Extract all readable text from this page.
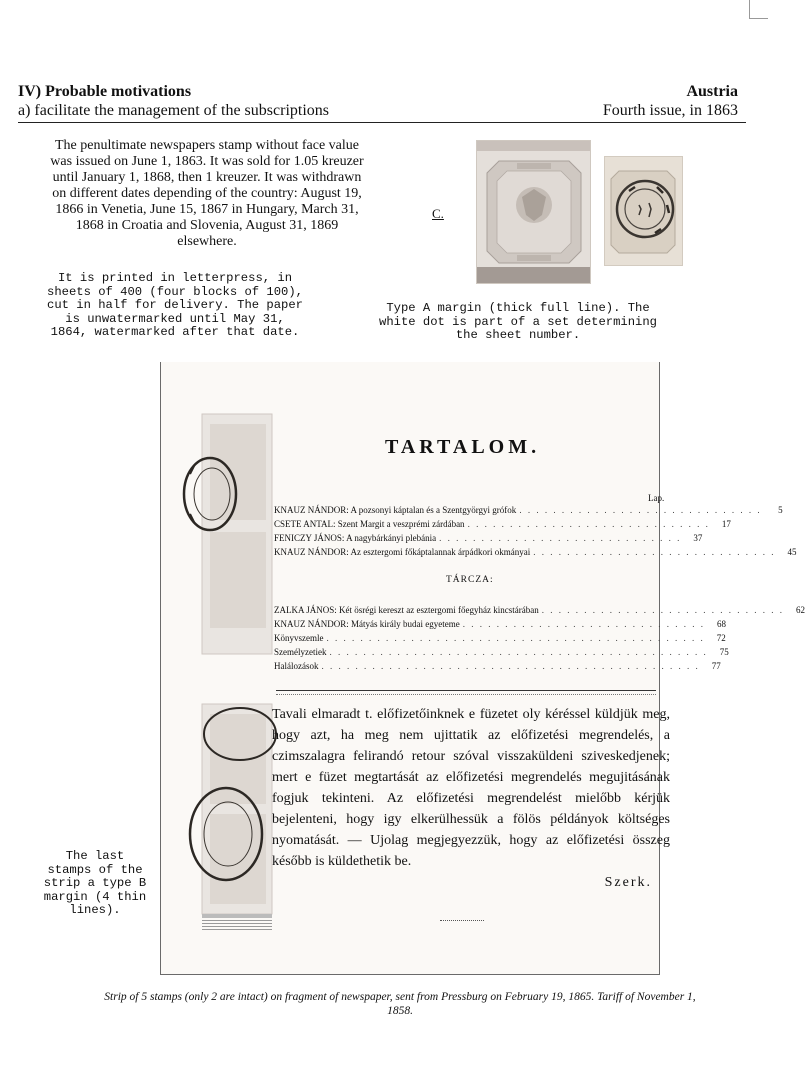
IV) Probable motivations
a) facilitate the management of the subscriptions
Austria
Fourth issue, in 1863
The penultimate newspapers stamp without face value was issued on June 1, 1863. It was sold for 1.05 kreuzer until January 1, 1868, then 1 kreuzer. It was withdrawn on different dates depending of the country: August 19, 1866 in Venetia, June 15, 1867 in Hungary, March 31, 1868 in Croatia and Slovenia, August 31, 1869 elsewhere.
It is printed in letterpress, in sheets of 400 (four blocks of 100), cut in half for delivery. The paper is unwatermarked until May 31, 1864, watermarked after that date.
C.
Type A margin (thick full line). The white dot is part of a set determining the sheet number.
TARTALOM.
Lap.
KNAUZ NÁNDOR: A pozsonyi káptalan és a Szentgyörgyi grófok . . . . . . . . . . . . . . . . . . . . . . . . . . . . .	5
CSETE ANTAL: Szent Margit a veszprémi zárdában . . . . . . . . . . . . . . . . . . . . . . . . . . . . .	17
FENICZY JÁNOS: A nagybárkányi plebánia . . . . . . . . . . . . . . . . . . . . . . . . . . . . .	37
KNAUZ NÁNDOR: Az esztergomi főkáptalannak árpádkori okmányai . . . . . . . . . . . . . . . . . . . . . . . . . . . . .	45
TÁRCZA:
ZALKA JÁNOS: Két ösrégi kereszt az esztergomi főegyház kincstárában . . . . . . . . . . . . . . . . . . . . . . . . . . . . .	62
KNAUZ NÁNDOR: Mátyás király budai egyeteme . . . . . . . . . . . . . . . . . . . . . . . . . . . . .	68
Könyvszemle . . . . . . . . . . . . . . . . . . . . . . . . . . . . . . . . . . . . . . . . . . . . .	72
Személyzetiek . . . . . . . . . . . . . . . . . . . . . . . . . . . . . . . . . . . . . . . . . . . . .	75
Halálozások . . . . . . . . . . . . . . . . . . . . . . . . . . . . . . . . . . . . . . . . . . . . .	77
Tavali elmaradt t. előfizetőinknek e füzetet oly kéréssel küldjük meg, hogy azt, ha meg nem ujittatik az előfizetési megrendelés, a czimszalagra felirandó retour szóval visszaküldeni sziveskedjenek; mert e füzet megtartását az előfizetési megrendelés megujitásának fogjuk tekinteni. Az előfizetési megrendelést mielőbb kérjük bejelenteni, hogy igy elkerülhessük a fölös példányok költséges nyomatását. — Ujolag megjegyezzük, hogy az előfizetési összeg később is küldethetik be.
Szerk.
The last stamps of the strip a type B margin (4 thin lines).
Strip of 5 stamps (only 2 are intact) on fragment of newspaper, sent from Pressburg on February 19, 1865. Tariff of November 1, 1858.
